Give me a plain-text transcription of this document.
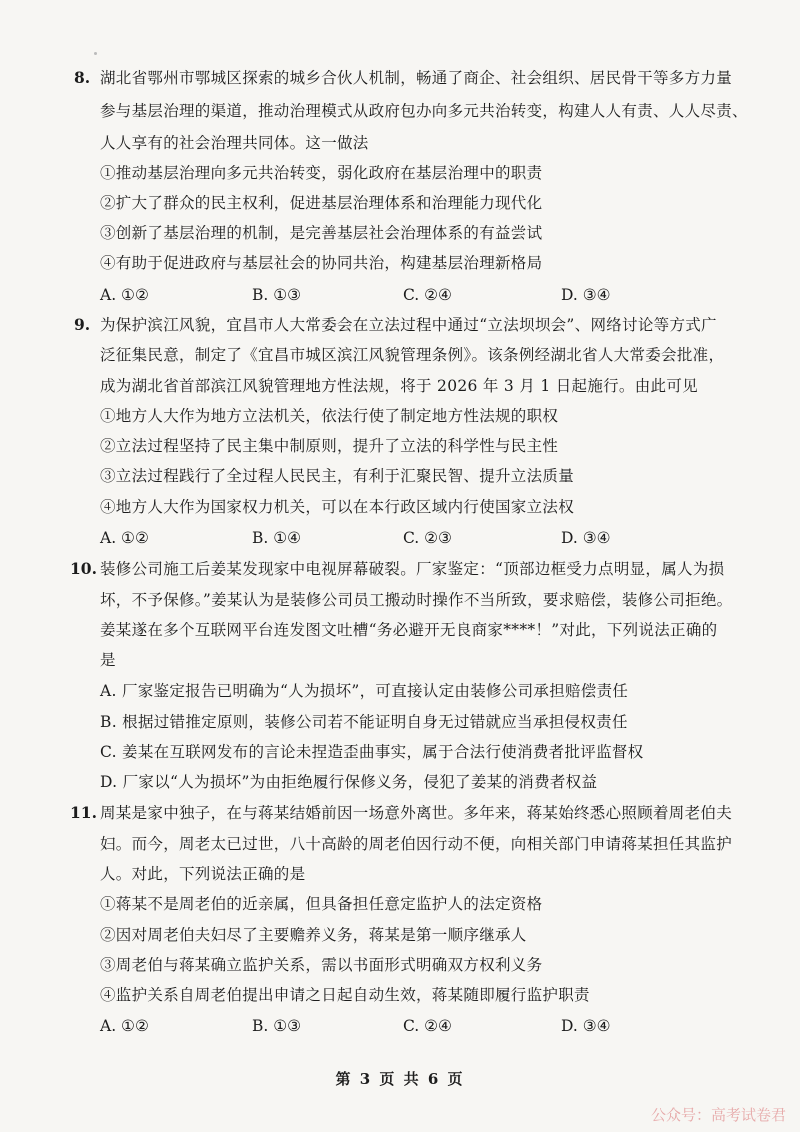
8. 湖北省鄂州市鄂城区探索的城乡合伙人机制，畅通了商企、社会组织、居民骨干等多方力量
参与基层治理的渠道，推动治理模式从政府包办向多元共治转变，构建人人有责、人人尽责、
人人享有的社会治理共同体。这一做法
①推动基层治理向多元共治转变，弱化政府在基层治理中的职责
②扩大了群众的民主权利，促进基层治理体系和治理能力现代化
③创新了基层治理的机制，是完善基层社会治理体系的有益尝试
④有助于促进政府与基层社会的协同共治，构建基层治理新格局
A. ①②	B. ①③	C. ②④	D. ③④
9. 为保护滨江风貌，宜昌市人大常委会在立法过程中通过“立法坝坝会”、网络讨论等方式广
泛征集民意，制定了《宜昌市城区滨江风貌管理条例》。该条例经湖北省人大常委会批准，
成为湖北省首部滨江风貌管理地方性法规，将于 2026 年 3 月 1 日起施行。由此可见
①地方人大作为地方立法机关，依法行使了制定地方性法规的职权
②立法过程坚持了民主集中制原则，提升了立法的科学性与民主性
③立法过程践行了全过程人民民主，有利于汇聚民智、提升立法质量
④地方人大作为国家权力机关，可以在本行政区域内行使国家立法权
A. ①②	B. ①④	C. ②③	D. ③④
10. 装修公司施工后姜某发现家中电视屏幕破裂。厂家鉴定：“顶部边框受力点明显，属人为损
坏，不予保修。”姜某认为是装修公司员工搬动时操作不当所致，要求赔偿，装修公司拒绝。
姜某遂在多个互联网平台连发图文吐槽“务必避开无良商家****！”对此，下列说法正确的
是
A. 厂家鉴定报告已明确为“人为损坏”，可直接认定由装修公司承担赔偿责任
B. 根据过错推定原则，装修公司若不能证明自身无过错就应当承担侵权责任
C. 姜某在互联网发布的言论未捏造歪曲事实，属于合法行使消费者批评监督权
D. 厂家以“人为损坏”为由拒绝履行保修义务，侵犯了姜某的消费者权益
11. 周某是家中独子，在与蒋某结婚前因一场意外离世。多年来，蒋某始终悉心照顾着周老伯夫
妇。而今，周老太已过世，八十高龄的周老伯因行动不便，向相关部门申请蒋某担任其监护
人。对此，下列说法正确的是
①蒋某不是周老伯的近亲属，但具备担任意定监护人的法定资格
②因对周老伯夫妇尽了主要赡养义务，蒋某是第一顺序继承人
③周老伯与蒋某确立监护关系，需以书面形式明确双方权利义务
④监护关系自周老伯提出申请之日起自动生效，蒋某随即履行监护职责
A. ①②	B. ①③	C. ②④	D. ③④
第 3 页 共 6 页
公众号：高考试卷君
